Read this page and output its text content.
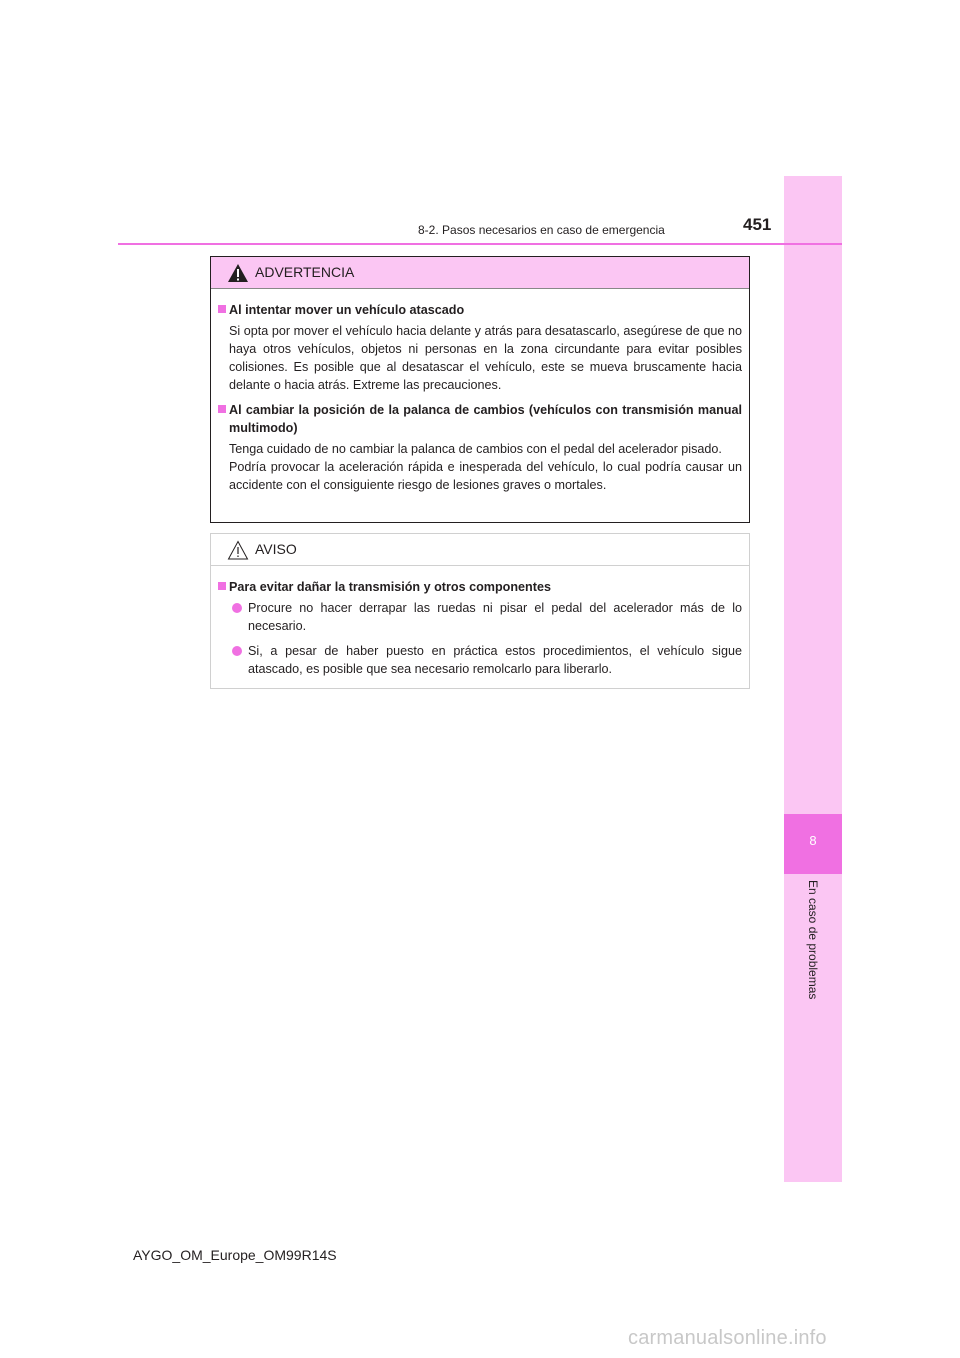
8
En caso de problemas
8-2. Pasos necesarios en caso de emergencia	451
ADVERTENCIA
Al intentar mover un vehículo atascado
Si opta por mover el vehículo hacia delante y atrás para desatascarlo, asegúrese de que no haya otros vehículos, objetos ni personas en la zona circundante para evitar posibles colisiones. Es posible que al desatascar el vehículo, este se mueva bruscamente hacia delante o hacia atrás. Extreme las precauciones.
Al cambiar la posición de la palanca de cambios (vehículos con transmisión manual multimodo)
Tenga cuidado de no cambiar la palanca de cambios con el pedal del acelerador pisado.
Podría provocar la aceleración rápida e inesperada del vehículo, lo cual podría causar un accidente con el consiguiente riesgo de lesiones graves o mortales.
AVISO
Para evitar dañar la transmisión y otros componentes
Procure no hacer derrapar las ruedas ni pisar el pedal del acelerador más de lo necesario.
Si, a pesar de haber puesto en práctica estos procedimientos, el vehículo sigue atascado, es posible que sea necesario remolcarlo para liberarlo.
AYGO_OM_Europe_OM99R14S
carmanualsonline.info
